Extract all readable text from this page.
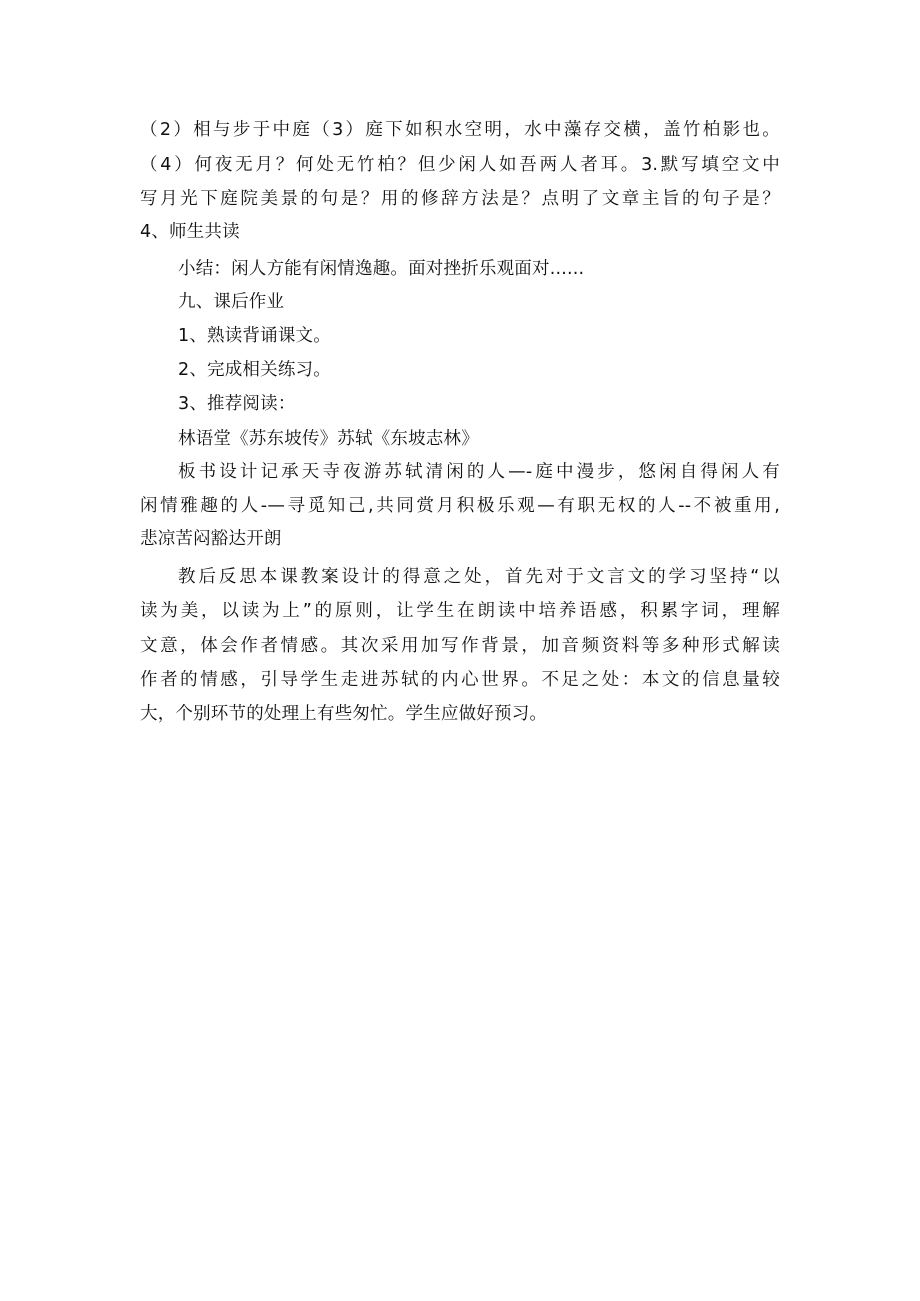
（2）相与步于中庭（3）庭下如积水空明，水中藻存交横，盖竹柏影也。
（4）何夜无月？何处无竹柏？但少闲人如吾两人者耳。3.默写填空文中
写月光下庭院美景的句是？用的修辞方法是？点明了文章主旨的句子是？
4、师生共读
小结：闲人方能有闲情逸趣。面对挫折乐观面对......
九、课后作业
1、熟读背诵课文。
2、完成相关练习。
3、推荐阅读：
林语堂《苏东坡传》苏轼《东坡志林》
板书设计记承天寺夜游苏轼清闲的人—-庭中漫步，悠闲自得闲人有
闲情雅趣的人-—寻觅知己,共同赏月积极乐观—有职无权的人--不被重用,
悲凉苦闷豁达开朗
教后反思本课教案设计的得意之处，首先对于文言文的学习坚持“以
读为美，以读为上”的原则，让学生在朗读中培养语感，积累字词，理解
文意，体会作者情感。其次采用加写作背景，加音频资料等多种形式解读
作者的情感，引导学生走进苏轼的内心世界。不足之处：本文的信息量较
大，个别环节的处理上有些匆忙。学生应做好预习。
